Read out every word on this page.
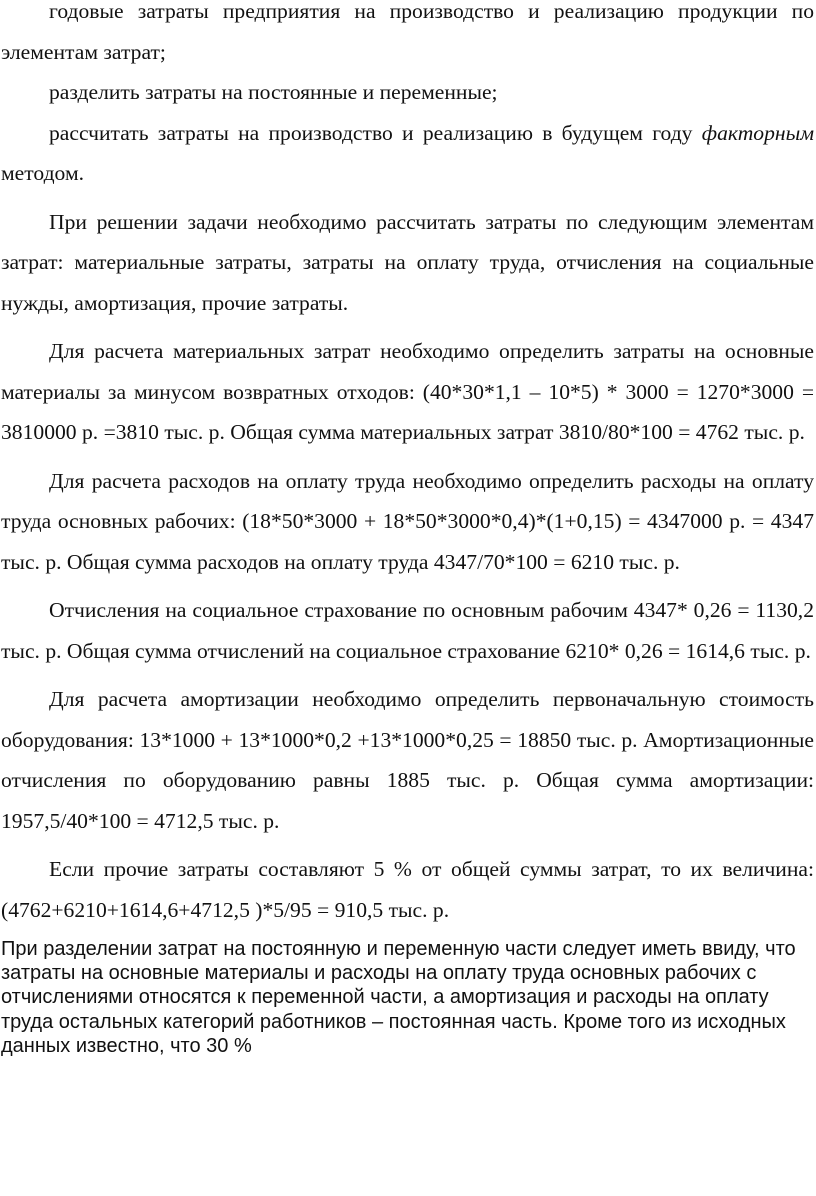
годовые затраты предприятия на производство и реализацию продукции по элементам затрат;

разделить затраты на постоянные и переменные;

рассчитать затраты на производство и реализацию в будущем году факторным методом.

При решении задачи необходимо рассчитать затраты по следующим элементам затрат: материальные затраты, затраты на оплату труда, отчисления на социальные нужды, амортизация, прочие затраты.

Для расчета материальных затрат необходимо определить затраты на основные материалы за минусом возвратных отходов: (40*30*1,1 – 10*5) * 3000 = 1270*3000 = 3810000 р. =3810 тыс. р. Общая сумма материальных затрат 3810/80*100 = 4762 тыс. р.

Для расчета расходов на оплату труда необходимо определить расходы на оплату труда основных рабочих: (18*50*3000 + 18*50*3000*0,4)*(1+0,15) = 4347000 р. = 4347 тыс. р. Общая сумма расходов на оплату труда 4347/70*100 = 6210 тыс. р.

Отчисления на социальное страхование по основным рабочим 4347* 0,26 = 1130,2 тыс. р. Общая сумма отчислений на социальное страхование 6210* 0,26 = 1614,6 тыс. р.

Для расчета амортизации необходимо определить первоначальную стоимость оборудования: 13*1000 + 13*1000*0,2 +13*1000*0,25 = 18850 тыс. р. Амортизационные отчисления по оборудованию равны 1885 тыс. р. Общая сумма амортизации: 1957,5/40*100 = 4712,5 тыс. р.

Если прочие затраты составляют 5 % от общей суммы затрат, то их величина: (4762+6210+1614,6+4712,5 )*5/95 = 910,5 тыс. р.

При разделении затрат на постоянную и переменную части следует иметь ввиду, что затраты на основные материалы и расходы на оплату труда основных рабочих с отчислениями относятся к переменной части, а амортизация и расходы на оплату труда остальных категорий работников – постоянная часть. Кроме того из исходных данных известно, что 30 %
